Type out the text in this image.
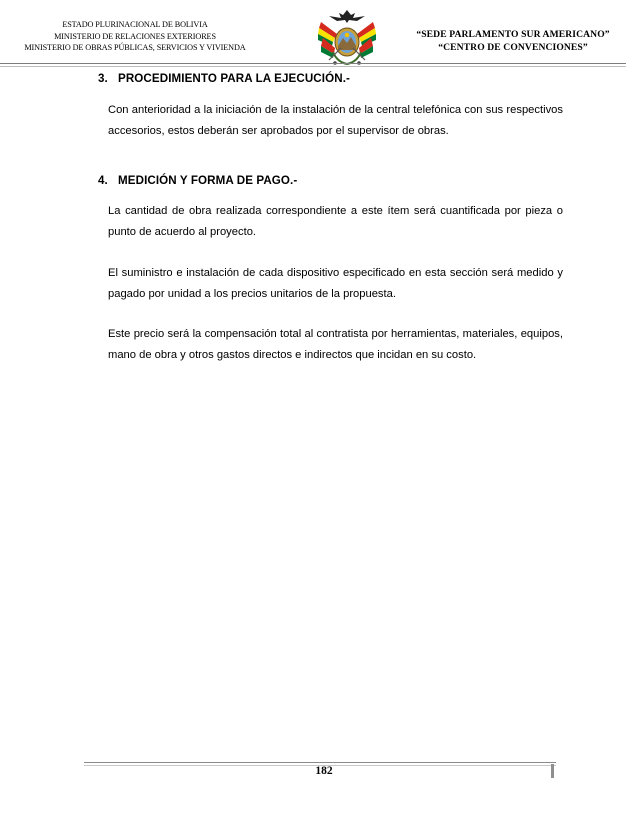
ESTADO PLURINACIONAL DE BOLIVIA
MINISTERIO DE RELACIONES EXTERIORES
MINISTERIO DE OBRAS PÚBLICAS, SERVICIOS Y VIVIENDA
“SEDE PARLAMENTO SUR AMERICANO”
“CENTRO DE CONVENCIONES”
3. PROCEDIMIENTO PARA LA EJECUCIÓN.-

Con anterioridad a la iniciación de la instalación de la central telefónica con sus respectivos accesorios, estos deberán ser aprobados por el supervisor de obras.

4. MEDICIÓN Y FORMA DE PAGO.-

La cantidad de obra realizada correspondiente a este ítem será cuantificada por pieza o punto de acuerdo al proyecto.

El suministro e instalación de cada dispositivo especificado en esta sección será medido y pagado por unidad a los precios unitarios de la propuesta.

Este precio será la compensación total al contratista por herramientas, materiales, equipos, mano de obra y otros gastos directos e indirectos que incidan en su costo.

182
